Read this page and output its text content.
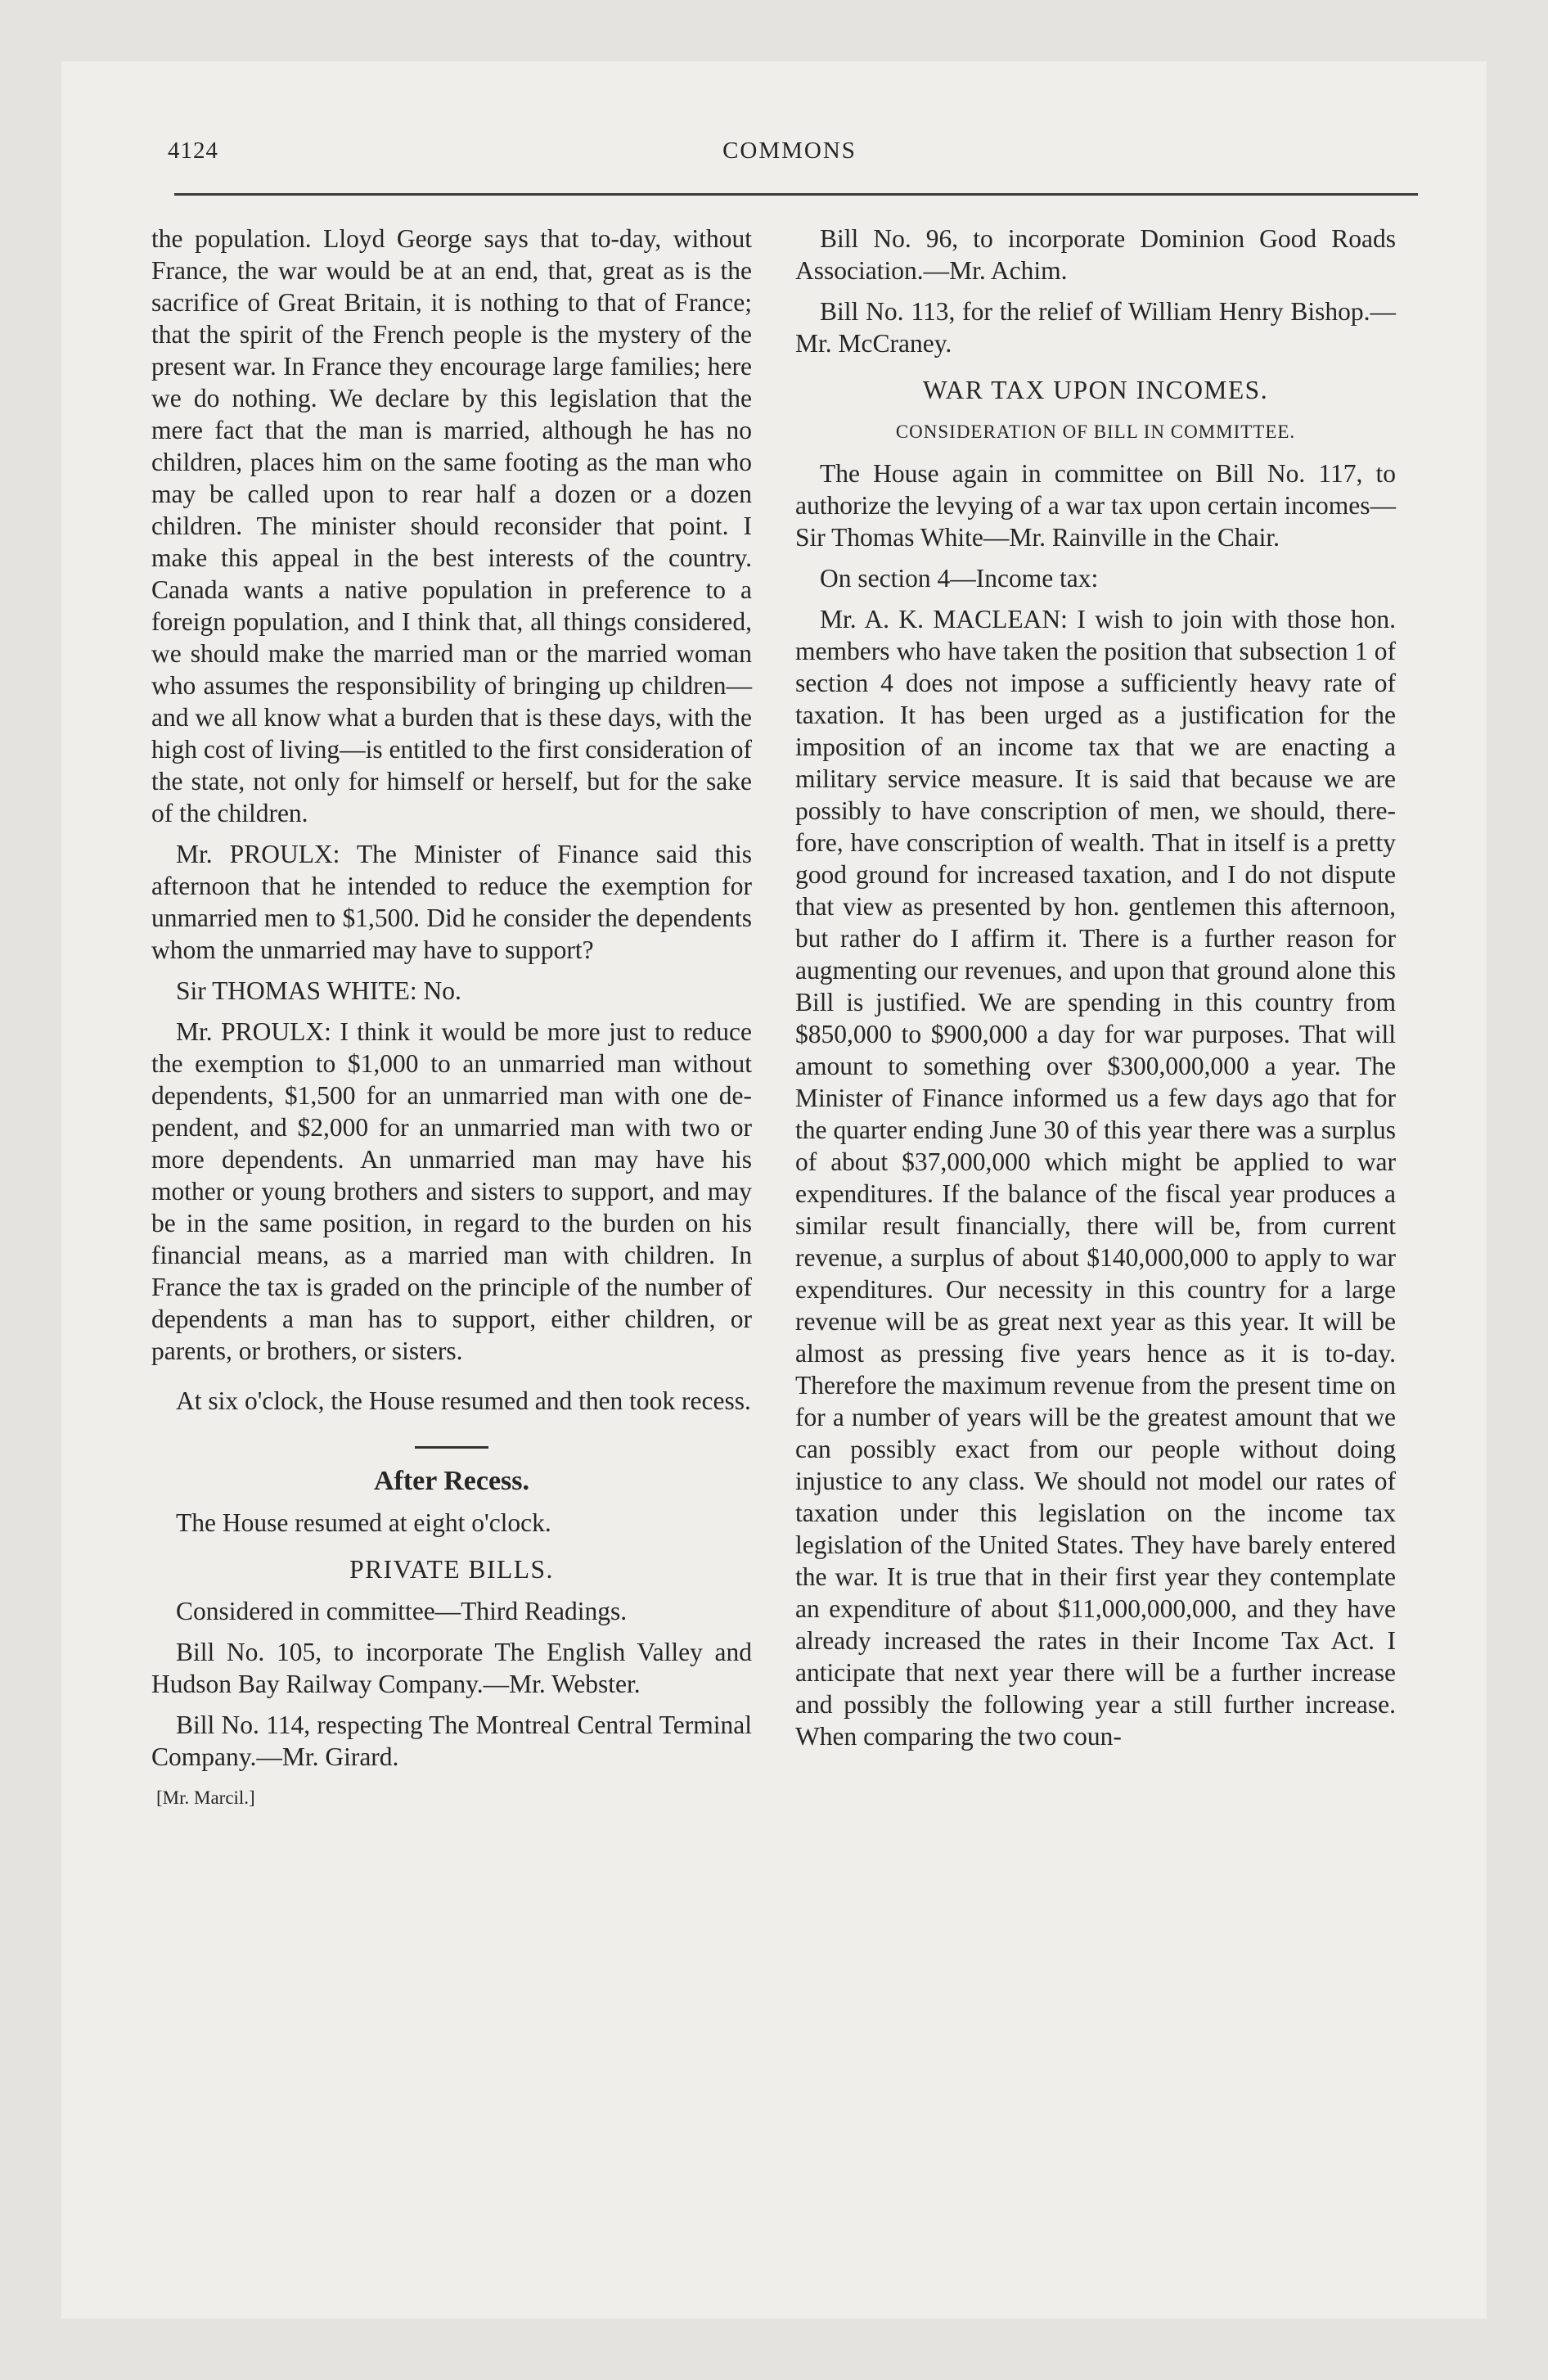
4124	COMMONS

the population. Lloyd George says that to-day, without France, the war would be at an end, that, great as is the sacrifice of Great Britain, it is nothing to that of France; that the spirit of the French people is the mystery of the present war. In France they encourage large families; here we do nothing. We declare by this legislation that the mere fact that the man is married, although he has no children, places him on the same footing as the man who may be called upon to rear half a dozen or a dozen children. The minister should reconsider that point. I make this appeal in the best interests of the country. Canada wants a native population in preference to a foreign population, and I think that, all things considered, we should make the married man or the married woman who assumes the responsibility of bringing up children—and we all know what a burden that is these days, with the high cost of living—is entitled to the first consideration of the state, not only for himself or herself, but for the sake of the children.

Mr. PROULX: The Minister of Finance said this afternoon that he intended to reduce the exemption for unmarried men to $1,500. Did he consider the dependents whom the unmarried may have to support?

Sir THOMAS WHITE: No.

Mr. PROULX: I think it would be more just to reduce the exemption to $1,000 to an unmarried man without dependents, $1,500 for an unmarried man with one dependent, and $2,000 for an unmarried man with two or more dependents. An unmarried man may have his mother or young brothers and sisters to support, and may be in the same position, in regard to the burden on his financial means, as a married man with children. In France the tax is graded on the principle of the number of dependents a man has to support, either children, or parents, or brothers, or sisters.

At six o'clock, the House resumed and then took recess.

After Recess.

The House resumed at eight o'clock.

PRIVATE BILLS.

Considered in committee—Third Readings.

Bill No. 105, to incorporate The English Valley and Hudson Bay Railway Company.—Mr. Webster.

Bill No. 114, respecting The Montreal Central Terminal Company.—Mr. Girard.

[Mr. Marcil.]

Bill No. 96, to incorporate Dominion Good Roads Association.—Mr. Achim.

Bill No. 113, for the relief of William Henry Bishop.—Mr. McCraney.

WAR TAX UPON INCOMES.
CONSIDERATION OF BILL IN COMMITTEE.

The House again in committee on Bill No. 117, to authorize the levying of a war tax upon certain incomes—Sir Thomas White—Mr. Rainville in the Chair.

On section 4—Income tax:

Mr. A. K. MACLEAN: I wish to join with those hon. members who have taken the position that subsection 1 of section 4 does not impose a sufficiently heavy rate of taxation. It has been urged as a justification for the imposition of an income tax that we are enacting a military service measure. It is said that because we are possibly to have conscription of men, we should, therefore, have conscription of wealth. That in itself is a pretty good ground for increased taxation, and I do not dispute that view as presented by hon. gentlemen this afternoon, but rather do I affirm it. There is a further reason for augmenting our revenues, and upon that ground alone this Bill is justified. We are spending in this country from $850,000 to $900,000 a day for war purposes. That will amount to something over $300,000,000 a year. The Minister of Finance informed us a few days ago that for the quarter ending June 30 of this year there was a surplus of about $37,000,000 which might be applied to war expenditures. If the balance of the fiscal year produces a similar result financially, there will be, from current revenue, a surplus of about $140,000,000 to apply to war expenditures. Our necessity in this country for a large revenue will be as great next year as this year. It will be almost as pressing five years hence as it is to-day. Therefore the maximum revenue from the present time on for a number of years will be the greatest amount that we can possibly exact from our people without doing injustice to any class. We should not model our rates of taxation under this legislation on the income tax legislation of the United States. They have barely entered the war. It is true that in their first year they contemplate an expenditure of about $11,000,000,000, and they have already increased the rates in their Income Tax Act. I anticipate that next year there will be a further increase and possibly the following year a still further increase. When comparing the two coun-
